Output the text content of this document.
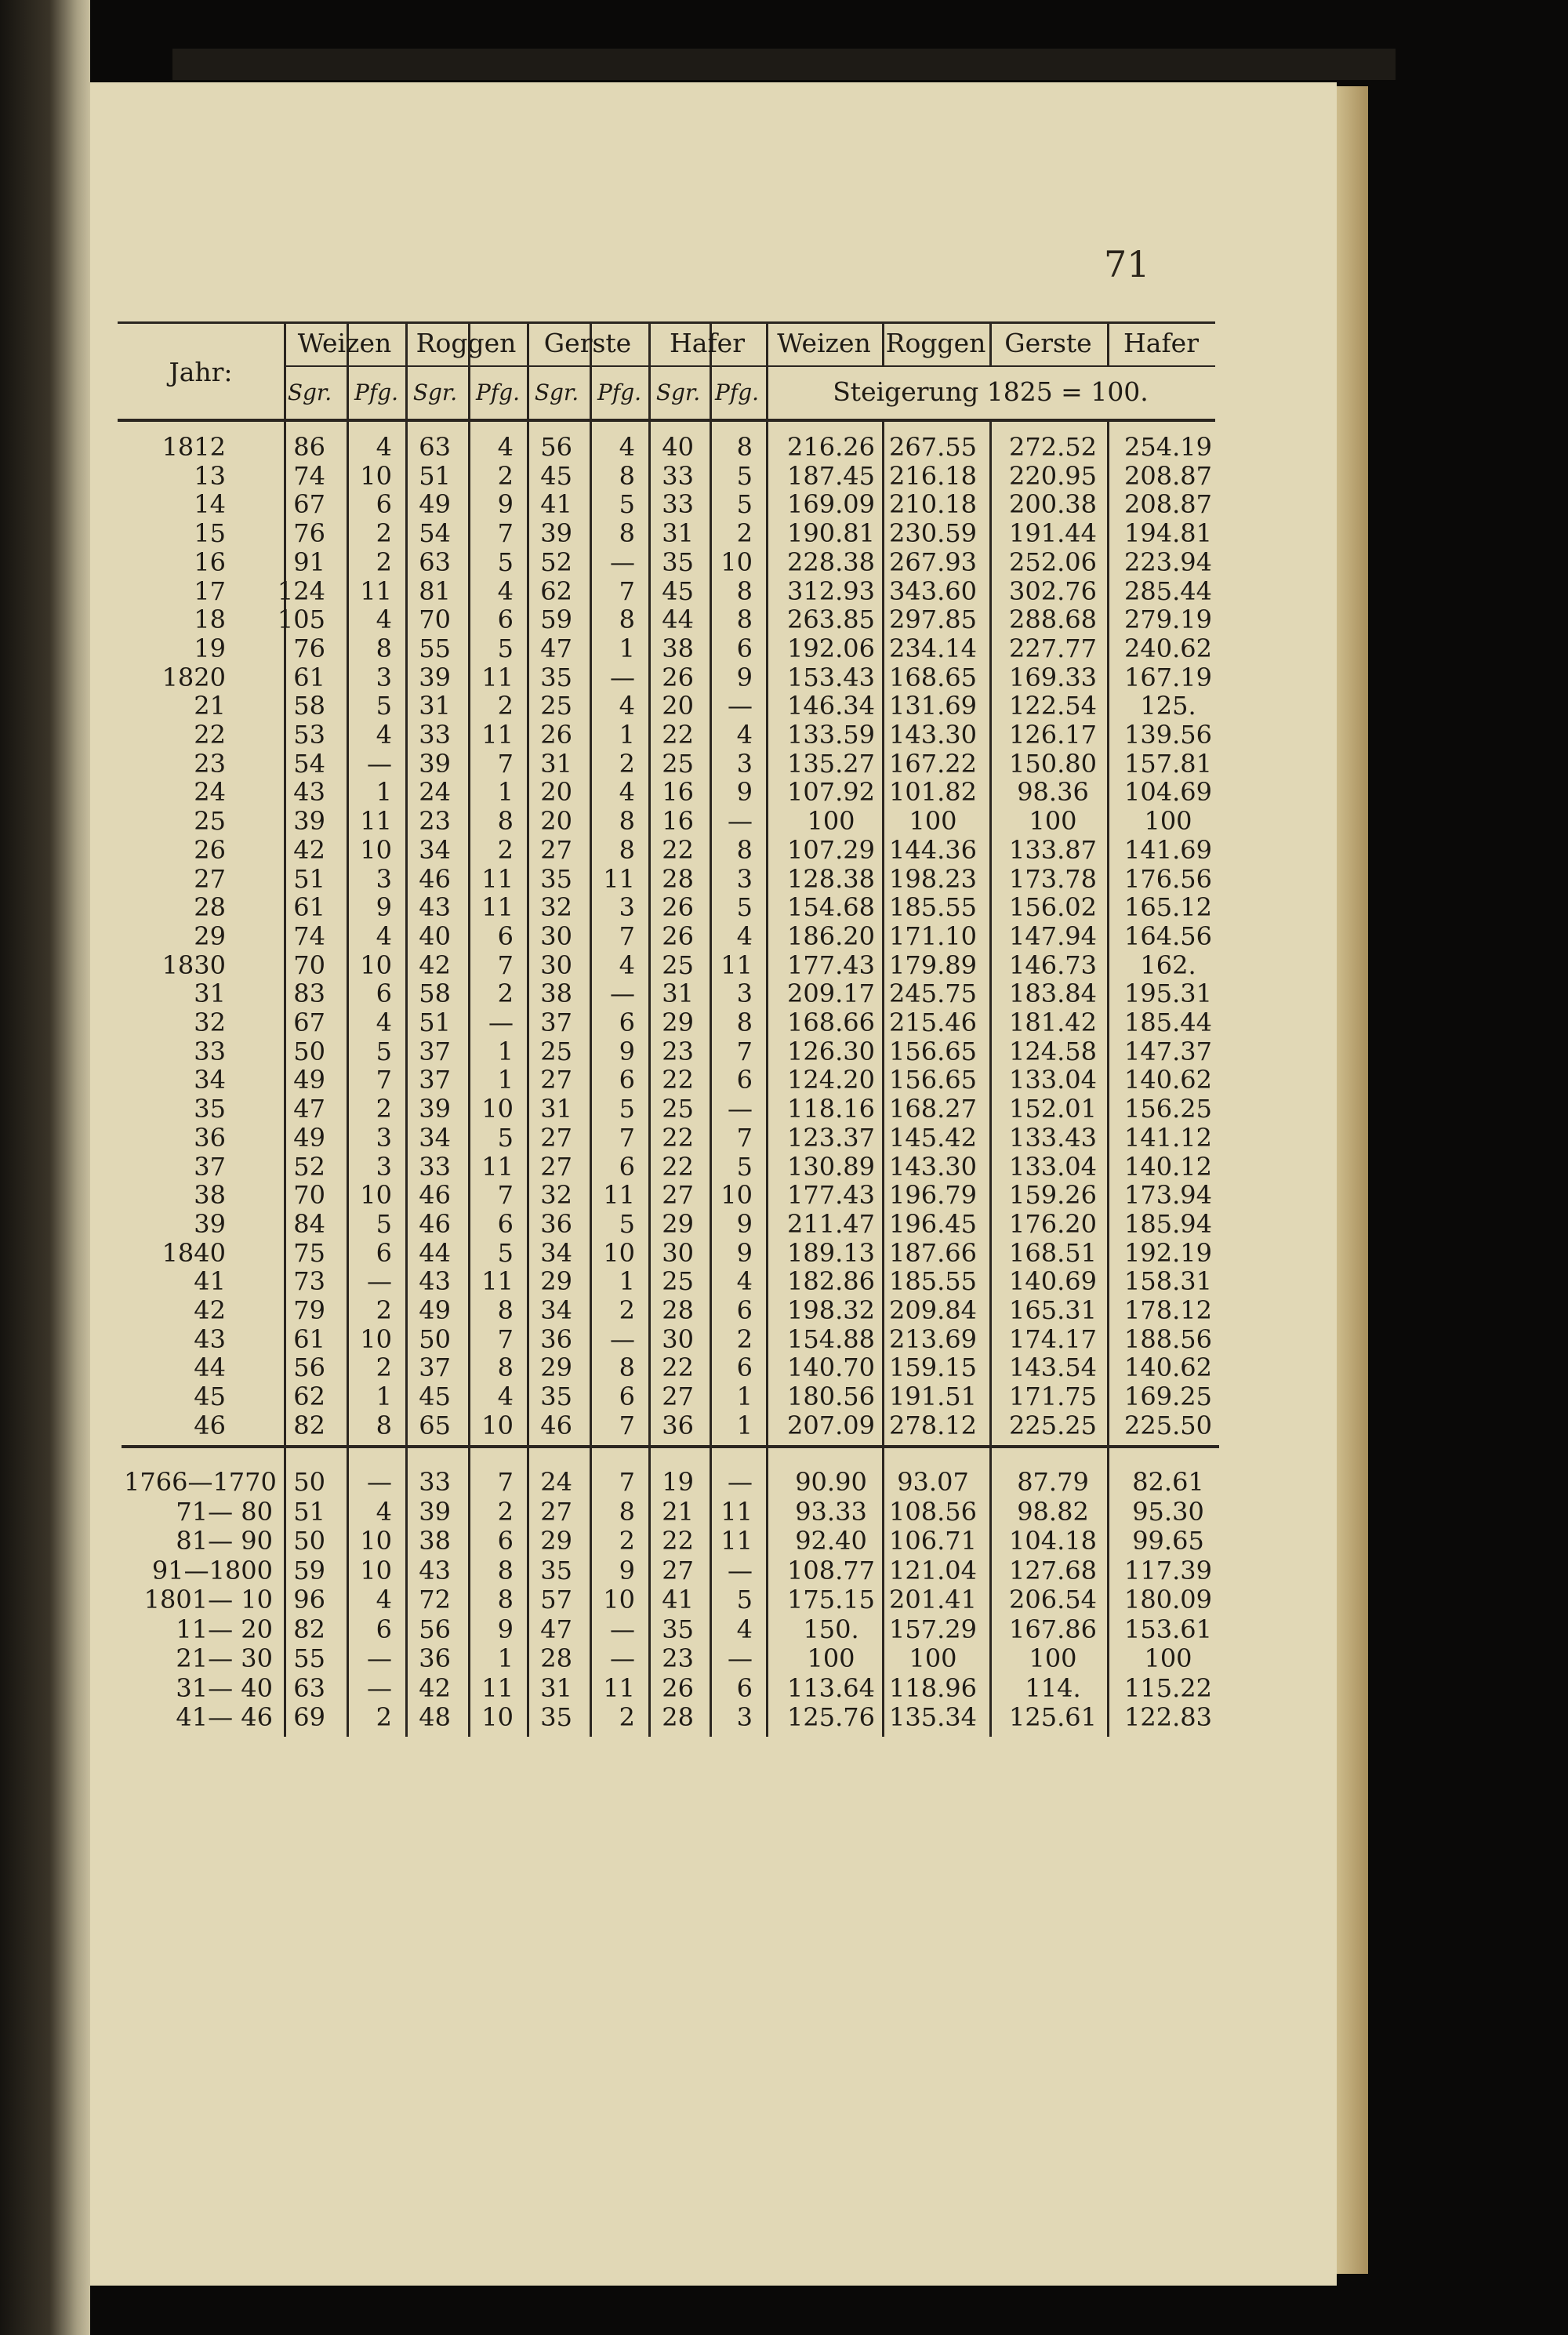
71
Jahr:
Weizen Roggen	Gerste	Hafer	Weizen Roggen Gerste	Hafer
Sgr.	Pfg. Sgr. Pfg. Sgr. Pfg. Sgr. Pfg.	Steigerung 1825 = 100.
1812	86	4	63	4	56	4	40	8	216.26 267.55	272.52	254.19
13	74	10	51	2	45	8	33	5	187.45 216.18	220.95	208.87
14	67	6	49	9	41	5	33	5	169.09 210.18	200.38	208.87
15	76	2	54	7	39	8	31	2	190.81 230.59	191.44	194.81
16	91	2	63	5	52	—	35	10	228.38 267.93	252.06	223.94
17 124	11	81	4	62	7	45	8	312.93 343.60	302.76	285.44
18 105	4	70	6	59	8	44	8	263.85 297.85	288.68	279.19
19	76	8	55	5	47	1	38	6	192.06 234.14	227.77	240.62
1820	61	3	39	11	35	—	26	9	153.43 168.65	169.33	167.19
21	58	5	31	2	25	4	20	—	146.34 131.69	122.54	125.
22	53	4	33	11	26	1	22	4	133.59 143.30	126.17	139.56
23	54	—	39	7	31	2	25	3	135.27 167.22	150.80	157.81
24	43	1	24	1	20	4	16	9	107.92 101.82	98.36	104.69
25	39	11	23	8	20	8	16	—	100	100	100	100
26	42	10	34	2	27	8	22	8	107.29 144.36	133.87	141.69
27	51	3	46	11	35	11	28	3	128.38 198.23	173.78	176.56
28	61	9	43	11	32	3	26	5	154.68 185.55	156.02	165.12
29	74	4	40	6	30	7	26	4	186.20 171.10	147.94	164.56
1830	70	10	42	7	30	4	25	11	177.43 179.89	146.73	162.
31	83	6	58	2	38	—	31	3	209.17 245.75	183.84	195.31
32	67	4	51	—	37	6	29	8	168.66 215.46	181.42	185.44
33	50	5	37	1	25	9	23	7	126.30 156.65	124.58	147.37
34	49	7	37	1	27	6	22	6	124.20 156.65	133.04	140.62
35	47	2	39	10	31	5	25	—	118.16 168.27	152.01	156.25
36	49	3	34	5	27	7	22	7	123.37 145.42	133.43	141.12
37	52	3	33	11	27	6	22	5	130.89 143.30	133.04	140.12
38	70	10	46	7	32	11	27	10	177.43 196.79	159.26	173.94
39	84	5	46	6	36	5	29	9	211.47 196.45	176.20	185.94
1840	75	6	44	5	34	10	30	9	189.13 187.66	168.51	192.19
41	73	—	43	11	29	1	25	4	182.86 185.55	140.69	158.31
42	79	2	49	8	34	2	28	6	198.32 209.84	165.31	178.12
43	61	10	50	7	36	—	30	2	154.88 213.69	174.17	188.56
44	56	2	37	8	29	8	22	6	140.70 159.15	143.54	140.62
45	62	1	45	4	35	6	27	1	180.56 191.51	171.75	169.25
46	82	8	65	10	46	7	36	1	207.09 278.12	225.25	225.50
1766—1770 50	—	33	7	24	7	19	—	90.90	93.07	87.79	82.61
71— 80 51	4	39	2	27	8	21	11	93.33 108.56	98.82	95.30
81— 90 50	10	38	6	29	2	22	11	92.40 106.71	104.18	99.65
91—1800 59	10	43	8	35	9	27	—	108.77 121.04	127.68	117.39
1801— 10 96	4	72	8	57	10	41	5	175.15 201.41	206.54	180.09
11— 20 82	6	56	9	47	—	35	4	150.	157.29	167.86	153.61
21— 30 55	—	36	1	28	—	23	—	100	100	100	100
31— 40 63	—	42	11	31	11	26	6	113.64 118.96	114.	115.22
41— 46 69	2	48	10	35	2	28	3	125.76 135.34	125.61	122.83
